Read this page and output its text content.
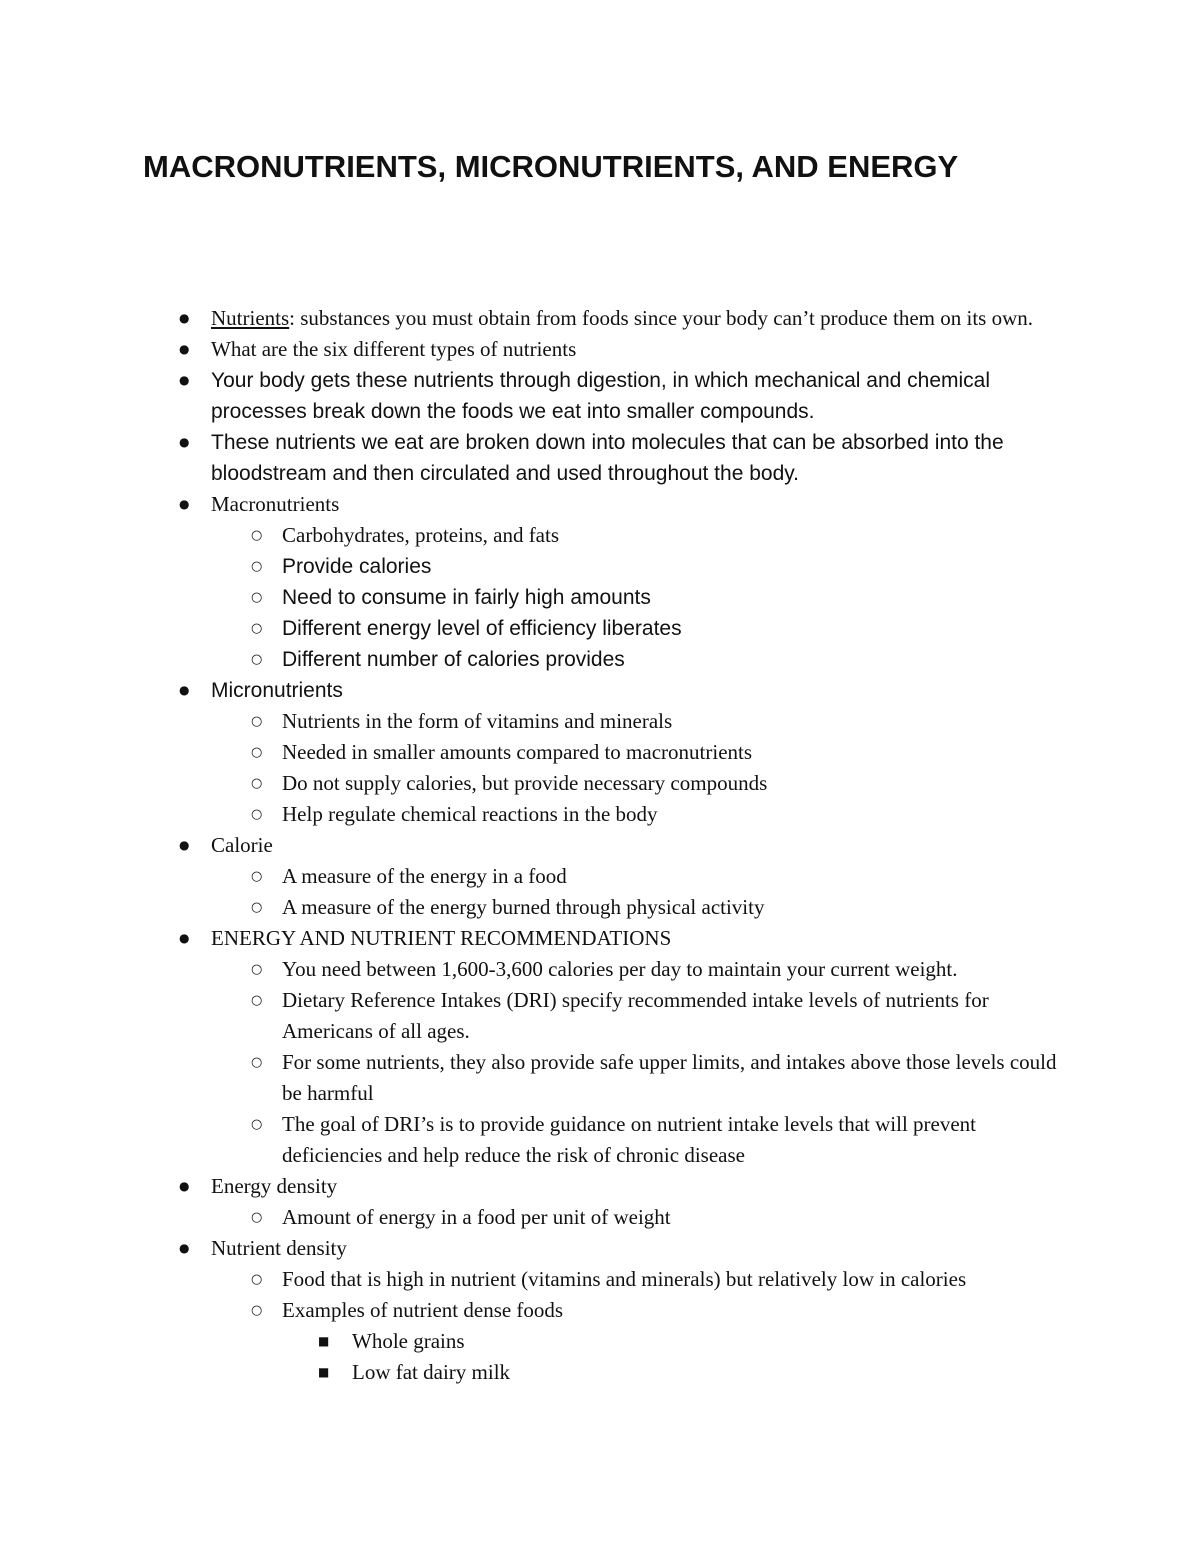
MACRONUTRIENTS, MICRONUTRIENTS, AND ENERGY
●	Nutrients: substances you must obtain from foods since your body can’t produce them on its own.
●	What are the six different types of nutrients
●	Your body gets these nutrients through digestion, in which mechanical and chemical processes break down the foods we eat into smaller compounds.
●	These nutrients we eat are broken down into molecules that can be absorbed into the bloodstream and then circulated and used throughout the body.
●	Macronutrients
○ Carbohydrates, proteins, and fats
○ Provide calories
○ Need to consume in fairly high amounts
○ Different energy level of efficiency liberates
○ Different number of calories provides
●	Micronutrients
○ Nutrients in the form of vitamins and minerals
○ Needed in smaller amounts compared to macronutrients
○ Do not supply calories, but provide necessary compounds
○ Help regulate chemical reactions in the body
●	Calorie
○ A measure of the energy in a food
○ A measure of the energy burned through physical activity
●	ENERGY AND NUTRIENT RECOMMENDATIONS
○ You need between 1,600-3,600 calories per day to maintain your current weight.
○ Dietary Reference Intakes (DRI) specify recommended intake levels of nutrients for Americans of all ages.
○ For some nutrients, they also provide safe upper limits, and intakes above those levels could be harmful
○ The goal of DRI’s is to provide guidance on nutrient intake levels that will prevent deficiencies and help reduce the risk of chronic disease
●	Energy density
○ Amount of energy in a food per unit of weight
●	Nutrient density
○ Food that is high in nutrient (vitamins and minerals) but relatively low in calories
○ Examples of nutrient dense foods
■	Whole grains
■	Low fat dairy milk
